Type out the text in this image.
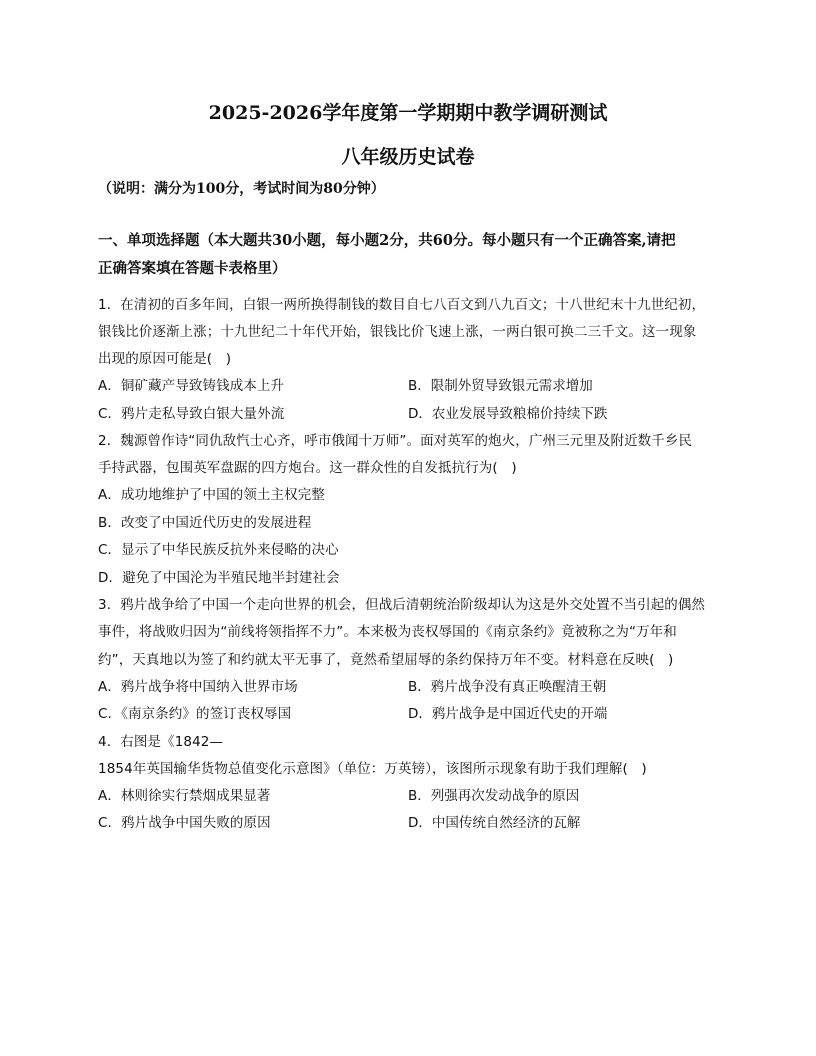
2025-2026学年度第一学期期中教学调研测试
八年级历史试卷
（说明：满分为100分，考试时间为80分钟）
一、单项选择题（本大题共30小题，每小题2分，共60分。每小题只有一个正确答案,请把
正确答案填在答题卡表格里）
1．在清初的百多年间，白银一两所换得制钱的数目自七八百文到八九百文；十八世纪末十九世纪初，
银钱比价逐渐上涨；十九世纪二十年代开始，银钱比价飞速上涨，一两白银可换二三千文。这一现象
出现的原因可能是(　)
A．铜矿藏产导致铸钱成本上升	B．限制外贸导致银元需求增加
C．鸦片走私导致白银大量外流	D．农业发展导致粮棉价持续下跌
2．魏源曾作诗“同仇敌忾士心齐，呼市俄闻十万师”。面对英军的炮火，广州三元里及附近数千乡民
手持武器，包围英军盘踞的四方炮台。这一群众性的自发抵抗行为(　)
A．成功地维护了中国的领土主权完整
B．改变了中国近代历史的发展进程
C．显示了中华民族反抗外来侵略的决心
D．避免了中国沦为半殖民地半封建社会
3．鸦片战争给了中国一个走向世界的机会，但战后清朝统治阶级却认为这是外交处置不当引起的偶然
事件，将战败归因为“前线将领指挥不力”。本来极为丧权辱国的《南京条约》竟被称之为“万年和
约”，天真地以为签了和约就太平无事了，竟然希望屈辱的条约保持万年不变。材料意在反映(　)
A．鸦片战争将中国纳入世界市场	B．鸦片战争没有真正唤醒清王朝
C．《南京条约》的签订丧权辱国	D．鸦片战争是中国近代史的开端
4．右图是《1842—
1854年英国输华货物总值变化示意图》（单位：万英镑），该图所示现象有助于我们理解(　)
A．林则徐实行禁烟成果显著	B．列强再次发动战争的原因
C．鸦片战争中国失败的原因	D．中国传统自然经济的瓦解
